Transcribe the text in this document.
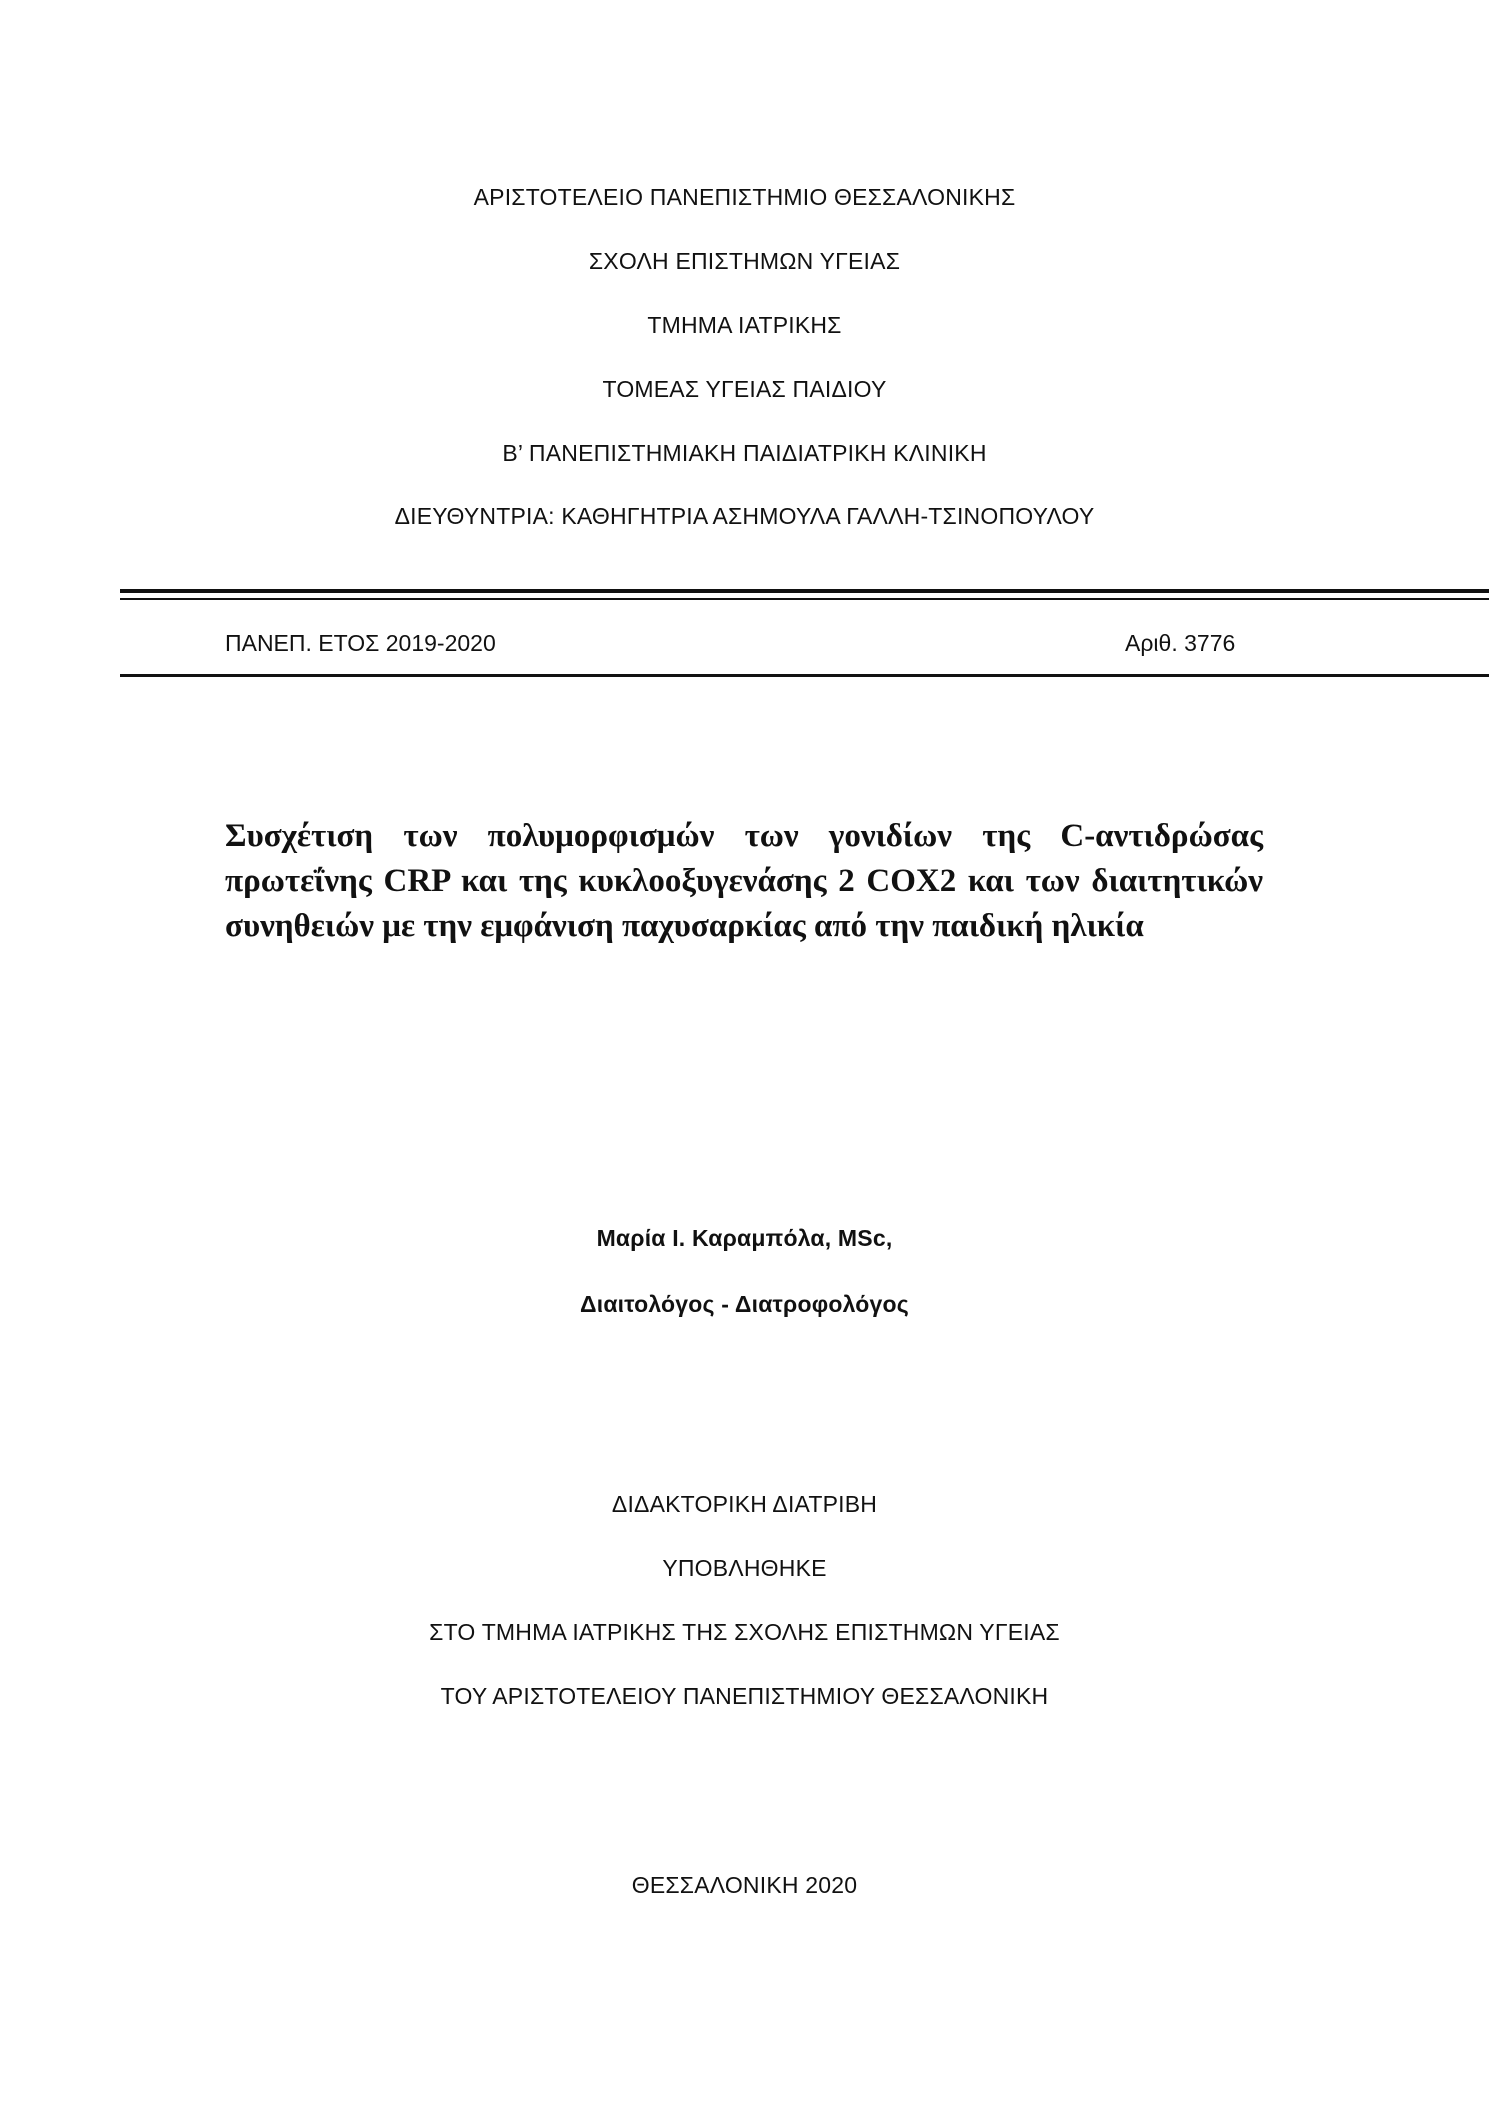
ΑΡΙΣΤΟΤΕΛΕΙΟ ΠΑΝΕΠΙΣΤΗΜΙΟ ΘΕΣΣΑΛΟΝΙΚΗΣ
ΣΧΟΛΗ ΕΠΙΣΤΗΜΩΝ ΥΓΕΙΑΣ
ΤΜΗΜΑ ΙΑΤΡΙΚΗΣ
ΤΟΜΕΑΣ ΥΓΕΙΑΣ ΠΑΙΔΙΟΥ
Β’ ΠΑΝΕΠΙΣΤΗΜΙΑΚΗ ΠΑΙΔΙΑΤΡΙΚΗ ΚΛΙΝΙΚΗ
ΔΙΕΥΘΥΝΤΡΙΑ: ΚΑΘΗΓΗΤΡΙΑ ΑΣΗΜΟΥΛΑ ΓΑΛΛΗ-ΤΣΙΝΟΠΟΥΛΟΥ
ΠΑΝΕΠ. ΕΤΟΣ 2019-2020	Αριθ. 3776
Συσχέτιση των πολυμορφισμών των γονιδίων της C-αντιδρώσας πρωτεΐνης CRP και της κυκλοοξυγενάσης 2 COX2 και των διαιτητικών συνηθειών με την εμφάνιση παχυσαρκίας από την παιδική ηλικία
Μαρία Ι. Καραμπόλα, MSc,
Διαιτολόγος - Διατροφολόγος
ΔΙΔΑΚΤΟΡΙΚΗ ΔΙΑΤΡΙΒΗ
ΥΠΟΒΛΗΘΗΚΕ
ΣΤΟ ΤΜΗΜΑ ΙΑΤΡΙΚΗΣ ΤΗΣ ΣΧΟΛΗΣ ΕΠΙΣΤΗΜΩΝ ΥΓΕΙΑΣ
ΤΟΥ ΑΡΙΣΤΟΤΕΛΕΙΟΥ ΠΑΝΕΠΙΣΤΗΜΙΟΥ ΘΕΣΣΑΛΟΝΙΚΗ
ΘΕΣΣΑΛΟΝΙΚΗ 2020
